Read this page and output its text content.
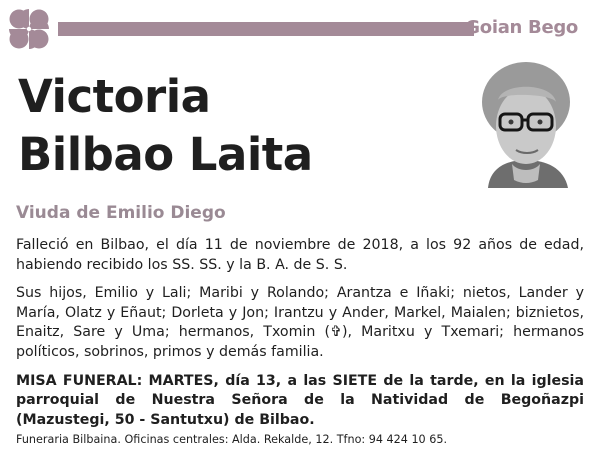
Goian Bego
Victoria
Bilbao Laita
Viuda de Emilio Diego

Falleció en Bilbao, el día 11 de noviembre de 2018, a los 92 años de edad, habiendo recibido los SS. SS. y la B. A. de S. S.

Sus hijos, Emilio y Lali; Maribi y Rolando; Arantza e Iñaki; nietos, Lander y María, Olatz y Eñaut; Dorleta y Jon; Irantzu y Ander, Markel, Maialen; biznietos, Enaitz, Sare y Uma; hermanos, Txomin (✞), Maritxu y Txemari; hermanos políticos, sobrinos, primos y demás familia.

MISA FUNERAL: MARTES, día 13, a las SIETE de la tarde, en la iglesia parroquial de Nuestra Señora de la Natividad de Begoñazpi (Mazustegi, 50 - Santutxu) de Bilbao.

Funeraria Bilbaina. Oficinas centrales: Alda. Rekalde, 12. Tfno: 94 424 10 65.
